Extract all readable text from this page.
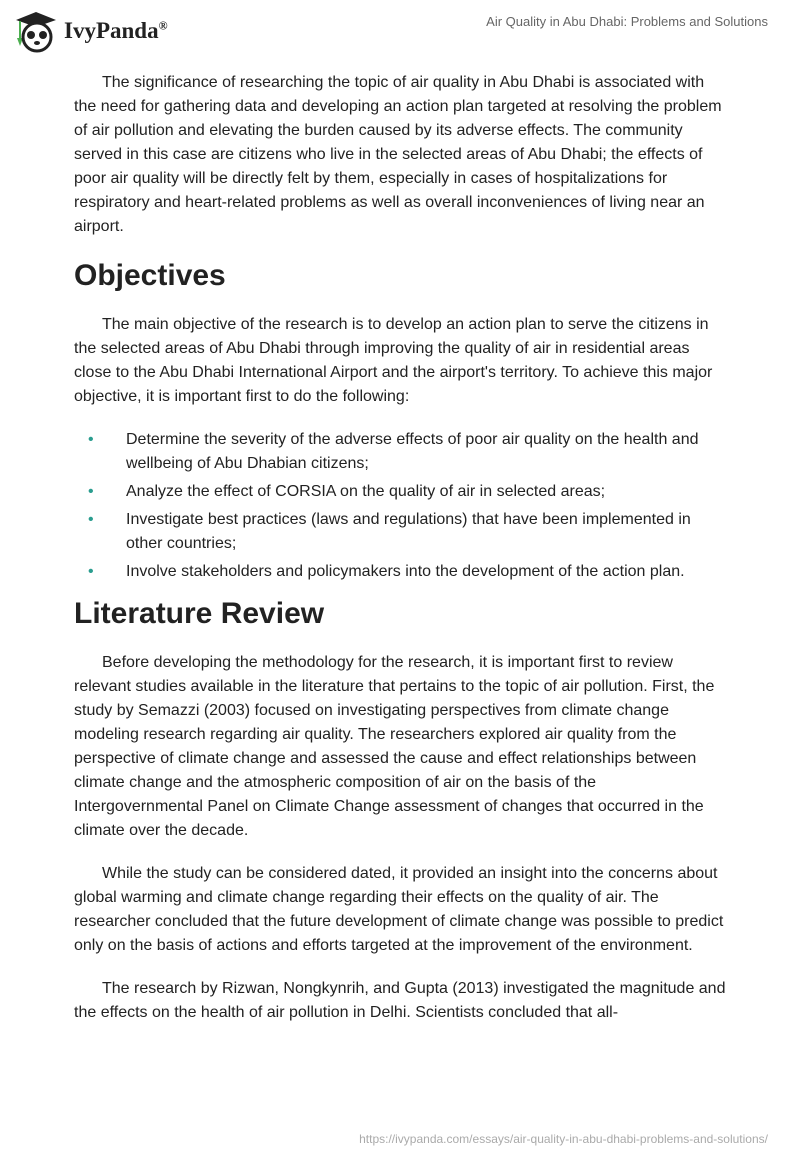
IvyPanda®	Air Quality in Abu Dhabi: Problems and Solutions

The significance of researching the topic of air quality in Abu Dhabi is associated with the need for gathering data and developing an action plan targeted at resolving the problem of air pollution and elevating the burden caused by its adverse effects. The community served in this case are citizens who live in the selected areas of Abu Dhabi; the effects of poor air quality will be directly felt by them, especially in cases of hospitalizations for respiratory and heart-related problems as well as overall inconveniences of living near an airport.

Objectives

The main objective of the research is to develop an action plan to serve the citizens in the selected areas of Abu Dhabi through improving the quality of air in residential areas close to the Abu Dhabi International Airport and the airport's territory. To achieve this major objective, it is important first to do the following:

• Determine the severity of the adverse effects of poor air quality on the health and wellbeing of Abu Dhabian citizens;
• Analyze the effect of CORSIA on the quality of air in selected areas;
• Investigate best practices (laws and regulations) that have been implemented in other countries;
• Involve stakeholders and policymakers into the development of the action plan.
Literature Review

Before developing the methodology for the research, it is important first to review relevant studies available in the literature that pertains to the topic of air pollution. First, the study by Semazzi (2003) focused on investigating perspectives from climate change modeling research regarding air quality. The researchers explored air quality from the perspective of climate change and assessed the cause and effect relationships between climate change and the atmospheric composition of air on the basis of the Intergovernmental Panel on Climate Change assessment of changes that occurred in the climate over the decade.

While the study can be considered dated, it provided an insight into the concerns about global warming and climate change regarding their effects on the quality of air. The researcher concluded that the future development of climate change was possible to predict only on the basis of actions and efforts targeted at the improvement of the environment.

The research by Rizwan, Nongkynrih, and Gupta (2013) investigated the magnitude and the effects on the health of air pollution in Delhi. Scientists concluded that all-

https://ivypanda.com/essays/air-quality-in-abu-dhabi-problems-and-solutions/
